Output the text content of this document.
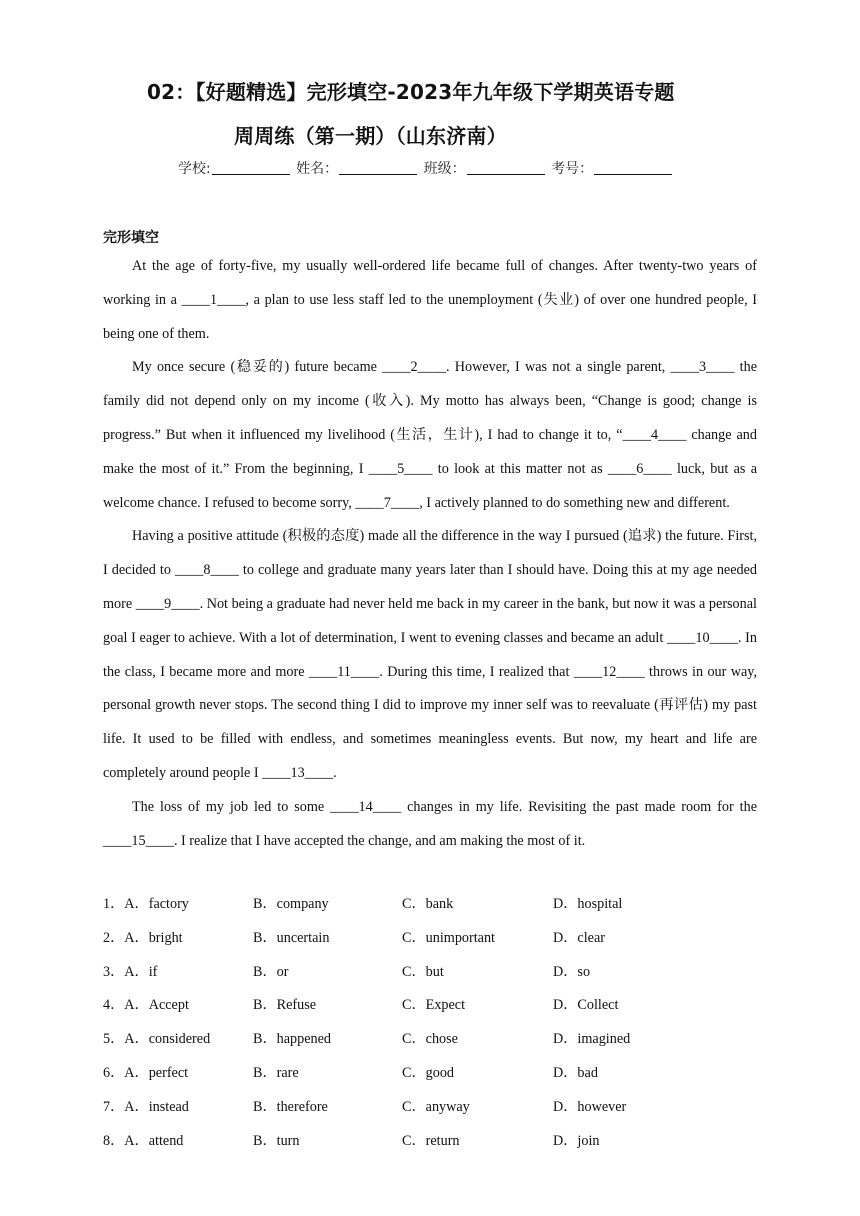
02：【好题精选】完形填空-2023年九年级下学期英语专题
周周练（第一期）（山东济南）
学校:	姓名：	班级：	考号：
完形填空

At the age of forty-five, my usually well-ordered life became full of changes. After twenty-two years of working in a ____1____, a plan to use less staff led to the unemployment (失业) of over one hundred people, I being one of them.

My once secure (稳妥的) future became ____2____. However, I was not a single parent, ____3____ the family did not depend only on my income (收入). My motto has always been, “Change is good; change is progress.” But when it influenced my livelihood (生活，生计), I had to change it to, “____4____ change and make the most of it.” From the beginning, I ____5____ to look at this matter not as ____6____ luck, but as a welcome chance. I refused to become sorry, ____7____, I actively planned to do something new and different.

Having a positive attitude (积极的态度) made all the difference in the way I pursued (追求) the future. First, I decided to ____8____ to college and graduate many years later than I should have. Doing this at my age needed more ____9____. Not being a graduate had never held me back in my career in the bank, but now it was a personal goal I eager to achieve. With a lot of determination, I went to evening classes and became an adult ____10____. In the class, I became more and more ____11____. During this time, I realized that ____12____ throws in our way, personal growth never stops. The second thing I did to improve my inner self was to reevaluate (再评估) my past life. It used to be filled with endless, and sometimes meaningless events. But now, my heart and life are completely around people I ____13____.

The loss of my job led to some ____14____ changes in my life. Revisiting the past made room for the ____15____. I realize that I have accepted the change, and am making the most of it.

1．A．factory	B．company	C．bank	D．hospital
2．A．bright	B．uncertain	C．unimportant	D．clear
3．A．if	B．or	C．but	D．so
4．A．Accept	B．Refuse	C．Expect	D．Collect
5．A．considered	B．happened	C．chose	D．imagined
6．A．perfect	B．rare	C．good	D．bad
7．A．instead	B．therefore	C．anyway	D．however
8．A．attend	B．turn	C．return	D．join
